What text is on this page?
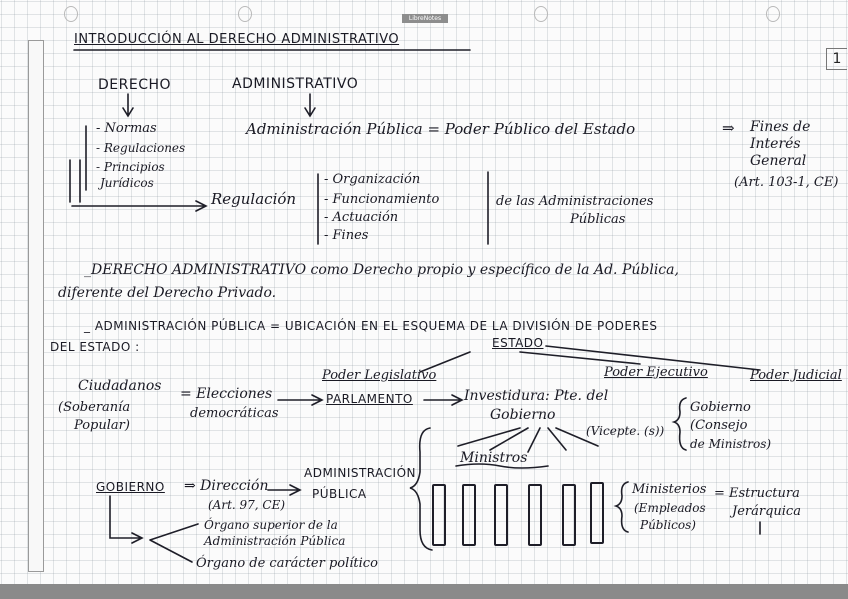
LibreNotes
1
INTRODUCCIÓN AL DERECHO ADMINISTRATIVO
DERECHO	ADMINISTRATIVO
- Normas
- Regulaciones
- Principios
Jurídicos
Regulación
Administración Pública = Poder Público del Estado	⇒ Fines de
Interés
General
(Art. 103-1, CE)
- Organización
- Funcionamiento
- Actuación
- Fines
de las Administraciones
Públicas
_DERECHO ADMINISTRATIVO como Derecho propio y específico de la Ad. Pública,
diferente del Derecho Privado.
_ ADMINISTRACIÓN PÚBLICA = UBICACIÓN EN EL ESQUEMA DE LA DIVISIÓN DE PODERES
DEL ESTADO :	ESTADO
Poder Legislativo	Poder Ejecutivo	Poder Judicial
Ciudadanos
(Soberanía
Popular)
= Elecciones
democráticas
PARLAMENTO	Investidura: Pte. del
Gobierno
(Vicepte. (s))
Gobierno
(Consejo
de Ministros)
Ministros
GOBIERNO ⇒ Dirección
(Art. 97, CE)
ADMINISTRACIÓN
PÚBLICA
Órgano superior de la
Administración Pública
Órgano de carácter político
Ministerios
(Empleados
Públicos)
= Estructura
Jerárquica
